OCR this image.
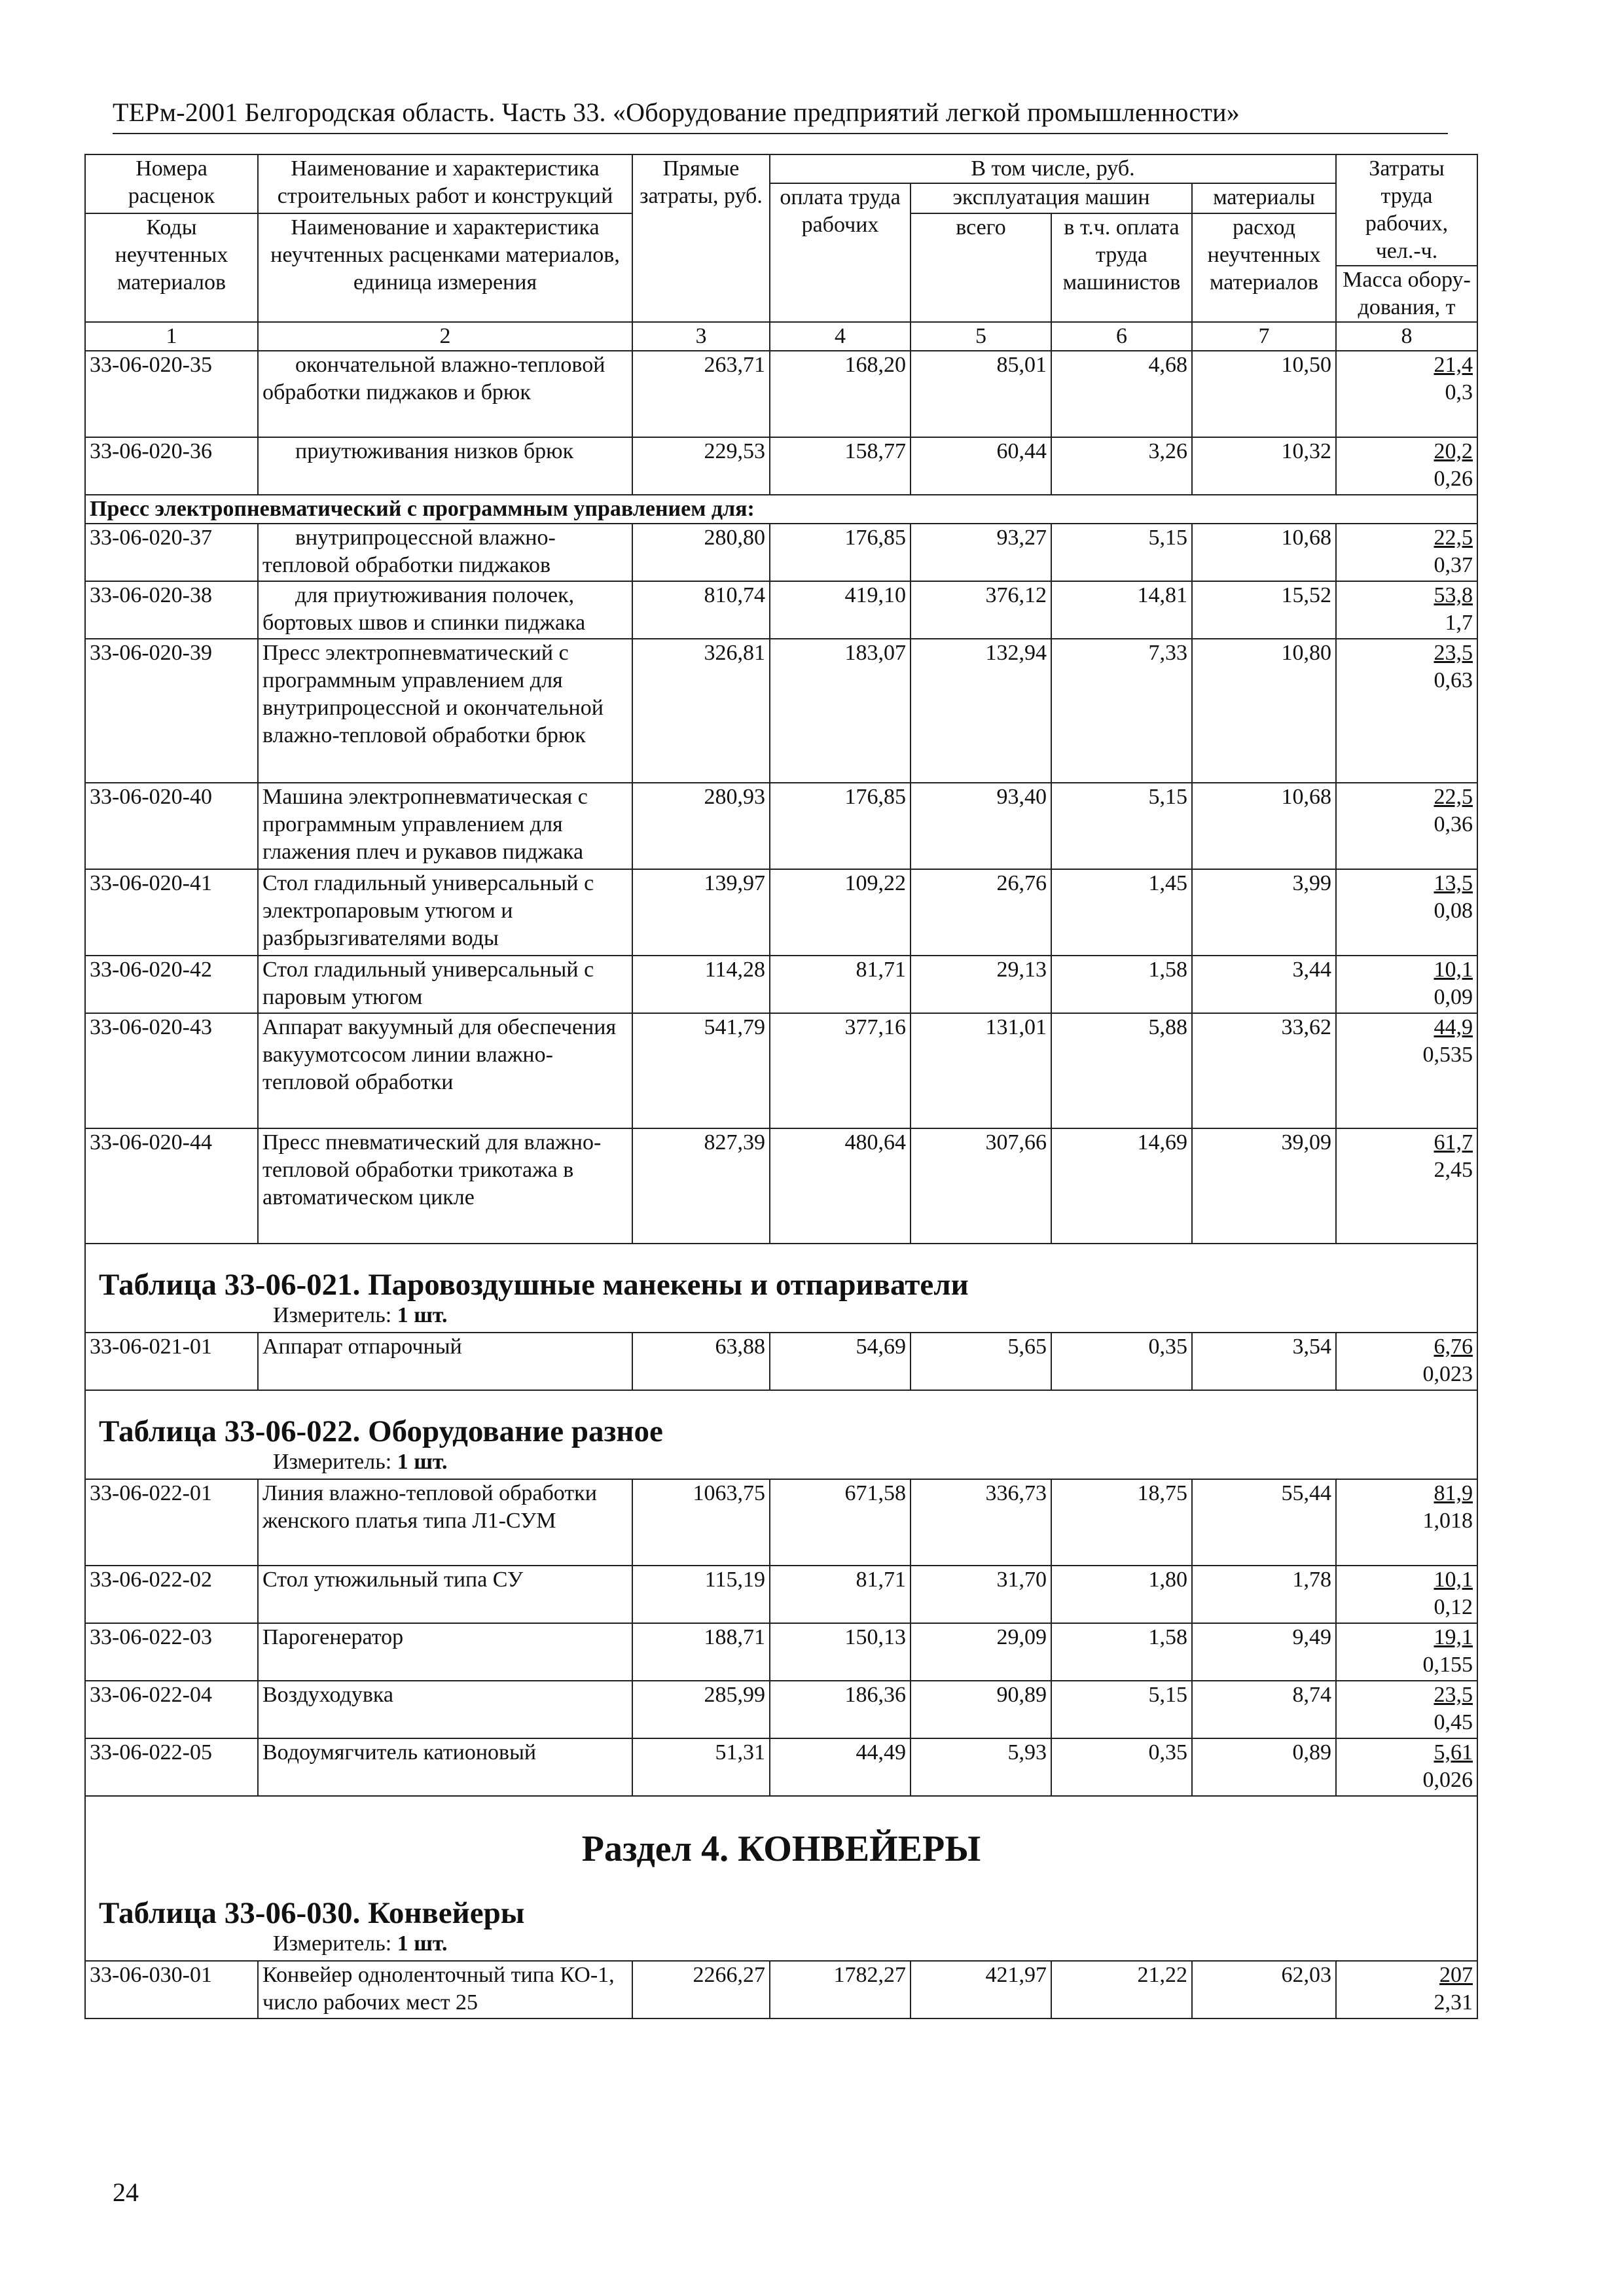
ТЕРм-2001 Белгородская область. Часть 33. «Оборудование предприятий легкой промышленности»
Номера расценок	Наименование и характеристика строительных работ и конструкций	Прямые затраты, руб.	В том числе, руб.				Затраты труда рабочих, чел.-ч.
			оплата труда рабочих	эксплуатация машин		материалы	
Коды неучтенных материалов	Наименование и характеристика неучтенных расценками материалов, единица измерения			всего	в т.ч. оплата труда машинистов	расход неучтенных материалов	
							Масса обору-дования, т
1	2	3	4	5	6	7	8
33-06-020-35	окончательной влажно-тепловой обработки пиджаков и брюк	263,71	168,20	85,01	4,68	10,50	21,4
0,3

33-06-020-36	приутюживания низков брюк	229,53	158,77	60,44	3,26	10,32	20,2
0,26

Пресс электропневматический с программным управлением для:							
33-06-020-37	внутрипроцессной влажно-тепловой обработки пиджаков	280,80	176,85	93,27	5,15	10,68	22,5
0,37

33-06-020-38	для приутюживания полочек, бортовых швов и спинки пиджака	810,74	419,10	376,12	14,81	15,52	53,8
1,7

33-06-020-39	Пресс электропневматический с программным управлением для внутрипроцессной и окончательной влажно-тепловой обработки брюк	326,81	183,07	132,94	7,33	10,80	23,5
0,63

33-06-020-40	Машина электропневматическая с программным управлением для глажения плеч и рукавов пиджака	280,93	176,85	93,40	5,15	10,68	22,5
0,36

33-06-020-41	Стол гладильный универсальный с электропаровым утюгом и разбрызгивателями воды	139,97	109,22	26,76	1,45	3,99	13,5
0,08

33-06-020-42	Стол гладильный универсальный с паровым утюгом	114,28	81,71	29,13	1,58	3,44	10,1
0,09

33-06-020-43	Аппарат вакуумный для обеспечения вакуумотсосом линии влажно-тепловой обработки	541,79	377,16	131,01	5,88	33,62	44,9
0,535

33-06-020-44	Пресс пневматический для влажно-тепловой обработки трикотажа в автоматическом цикле	827,39	480,64	307,66	14,69	39,09	61,7
2,45

Таблица 33-06-021. Паровоздушные манекены и отпариватели
Измеритель: 1 шт.							

33-06-021-01	Аппарат отпарочный	63,88	54,69	5,65	0,35	3,54	6,76
0,023

Таблица 33-06-022. Оборудование разное
Измеритель: 1 шт.							

33-06-022-01	Линия влажно-тепловой обработки женского платья типа Л1-СУМ	1063,75	671,58	336,73	18,75	55,44	81,9
1,018

33-06-022-02	Стол утюжильный типа СУ	115,19	81,71	31,70	1,80	1,78	10,1
0,12

33-06-022-03	Парогенератор	188,71	150,13	29,09	1,58	9,49	19,1
0,155

33-06-022-04	Воздуходувка	285,99	186,36	90,89	5,15	8,74	23,5
0,45

33-06-022-05	Водоумягчитель катионовый	51,31	44,49	5,93	0,35	0,89	5,61
0,026

Раздел 4. КОНВЕЙЕРЫ
Таблица 33-06-030. Конвейеры
Измеритель: 1 шт.							

33-06-030-01	Конвейер одноленточный типа КО-1, число рабочих мест 25	2266,27	1782,27	421,97	21,22	62,03	207
2,31
24
